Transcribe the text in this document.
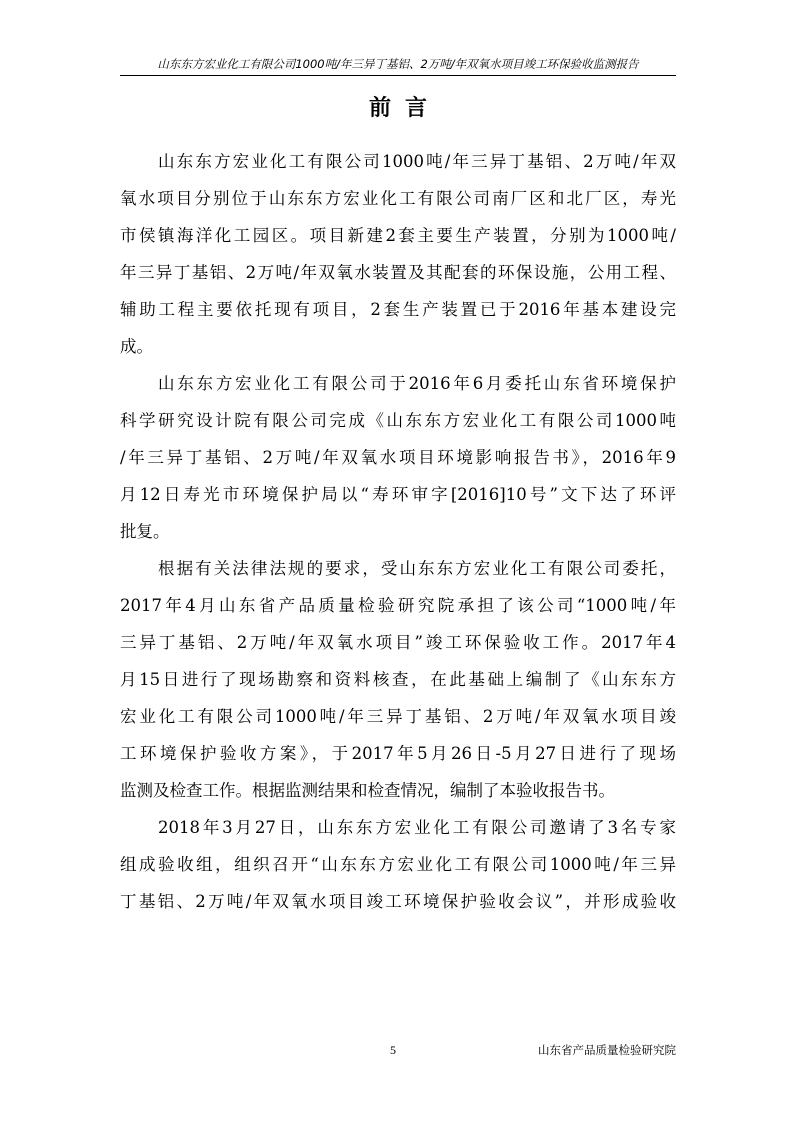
山东东方宏业化工有限公司1000吨/年三异丁基铝、2万吨/年双氧水项目竣工环保验收监测报告
前言
山东东方宏业化工有限公司1000吨/年三异丁基铝、2万吨/年双
氧水项目分别位于山东东方宏业化工有限公司南厂区和北厂区，寿光
市侯镇海洋化工园区。项目新建2套主要生产装置，分别为1000吨/
年三异丁基铝、2万吨/年双氧水装置及其配套的环保设施，公用工程、
辅助工程主要依托现有项目，2套生产装置已于2016年基本建设完
成。
山东东方宏业化工有限公司于2016年6月委托山东省环境保护
科学研究设计院有限公司完成《山东东方宏业化工有限公司1000吨
/年三异丁基铝、2万吨/年双氧水项目环境影响报告书》，2016年9
月12日寿光市环境保护局以“寿环审字[2016]10号”文下达了环评
批复。
根据有关法律法规的要求，受山东东方宏业化工有限公司委托，
2017年4月山东省产品质量检验研究院承担了该公司“1000吨/年
三异丁基铝、2万吨/年双氧水项目”竣工环保验收工作。2017年4
月15日进行了现场勘察和资料核查，在此基础上编制了《山东东方
宏业化工有限公司1000吨/年三异丁基铝、2万吨/年双氧水项目竣
工环境保护验收方案》，于2017年5月26日-5月27日进行了现场
监测及检查工作。根据监测结果和检查情况，编制了本验收报告书。
2018年3月27日，山东东方宏业化工有限公司邀请了3名专家
组成验收组，组织召开“山东东方宏业化工有限公司1000吨/年三异
丁基铝、2万吨/年双氧水项目竣工环境保护验收会议”，并形成验收
5	山东省产品质量检验研究院
